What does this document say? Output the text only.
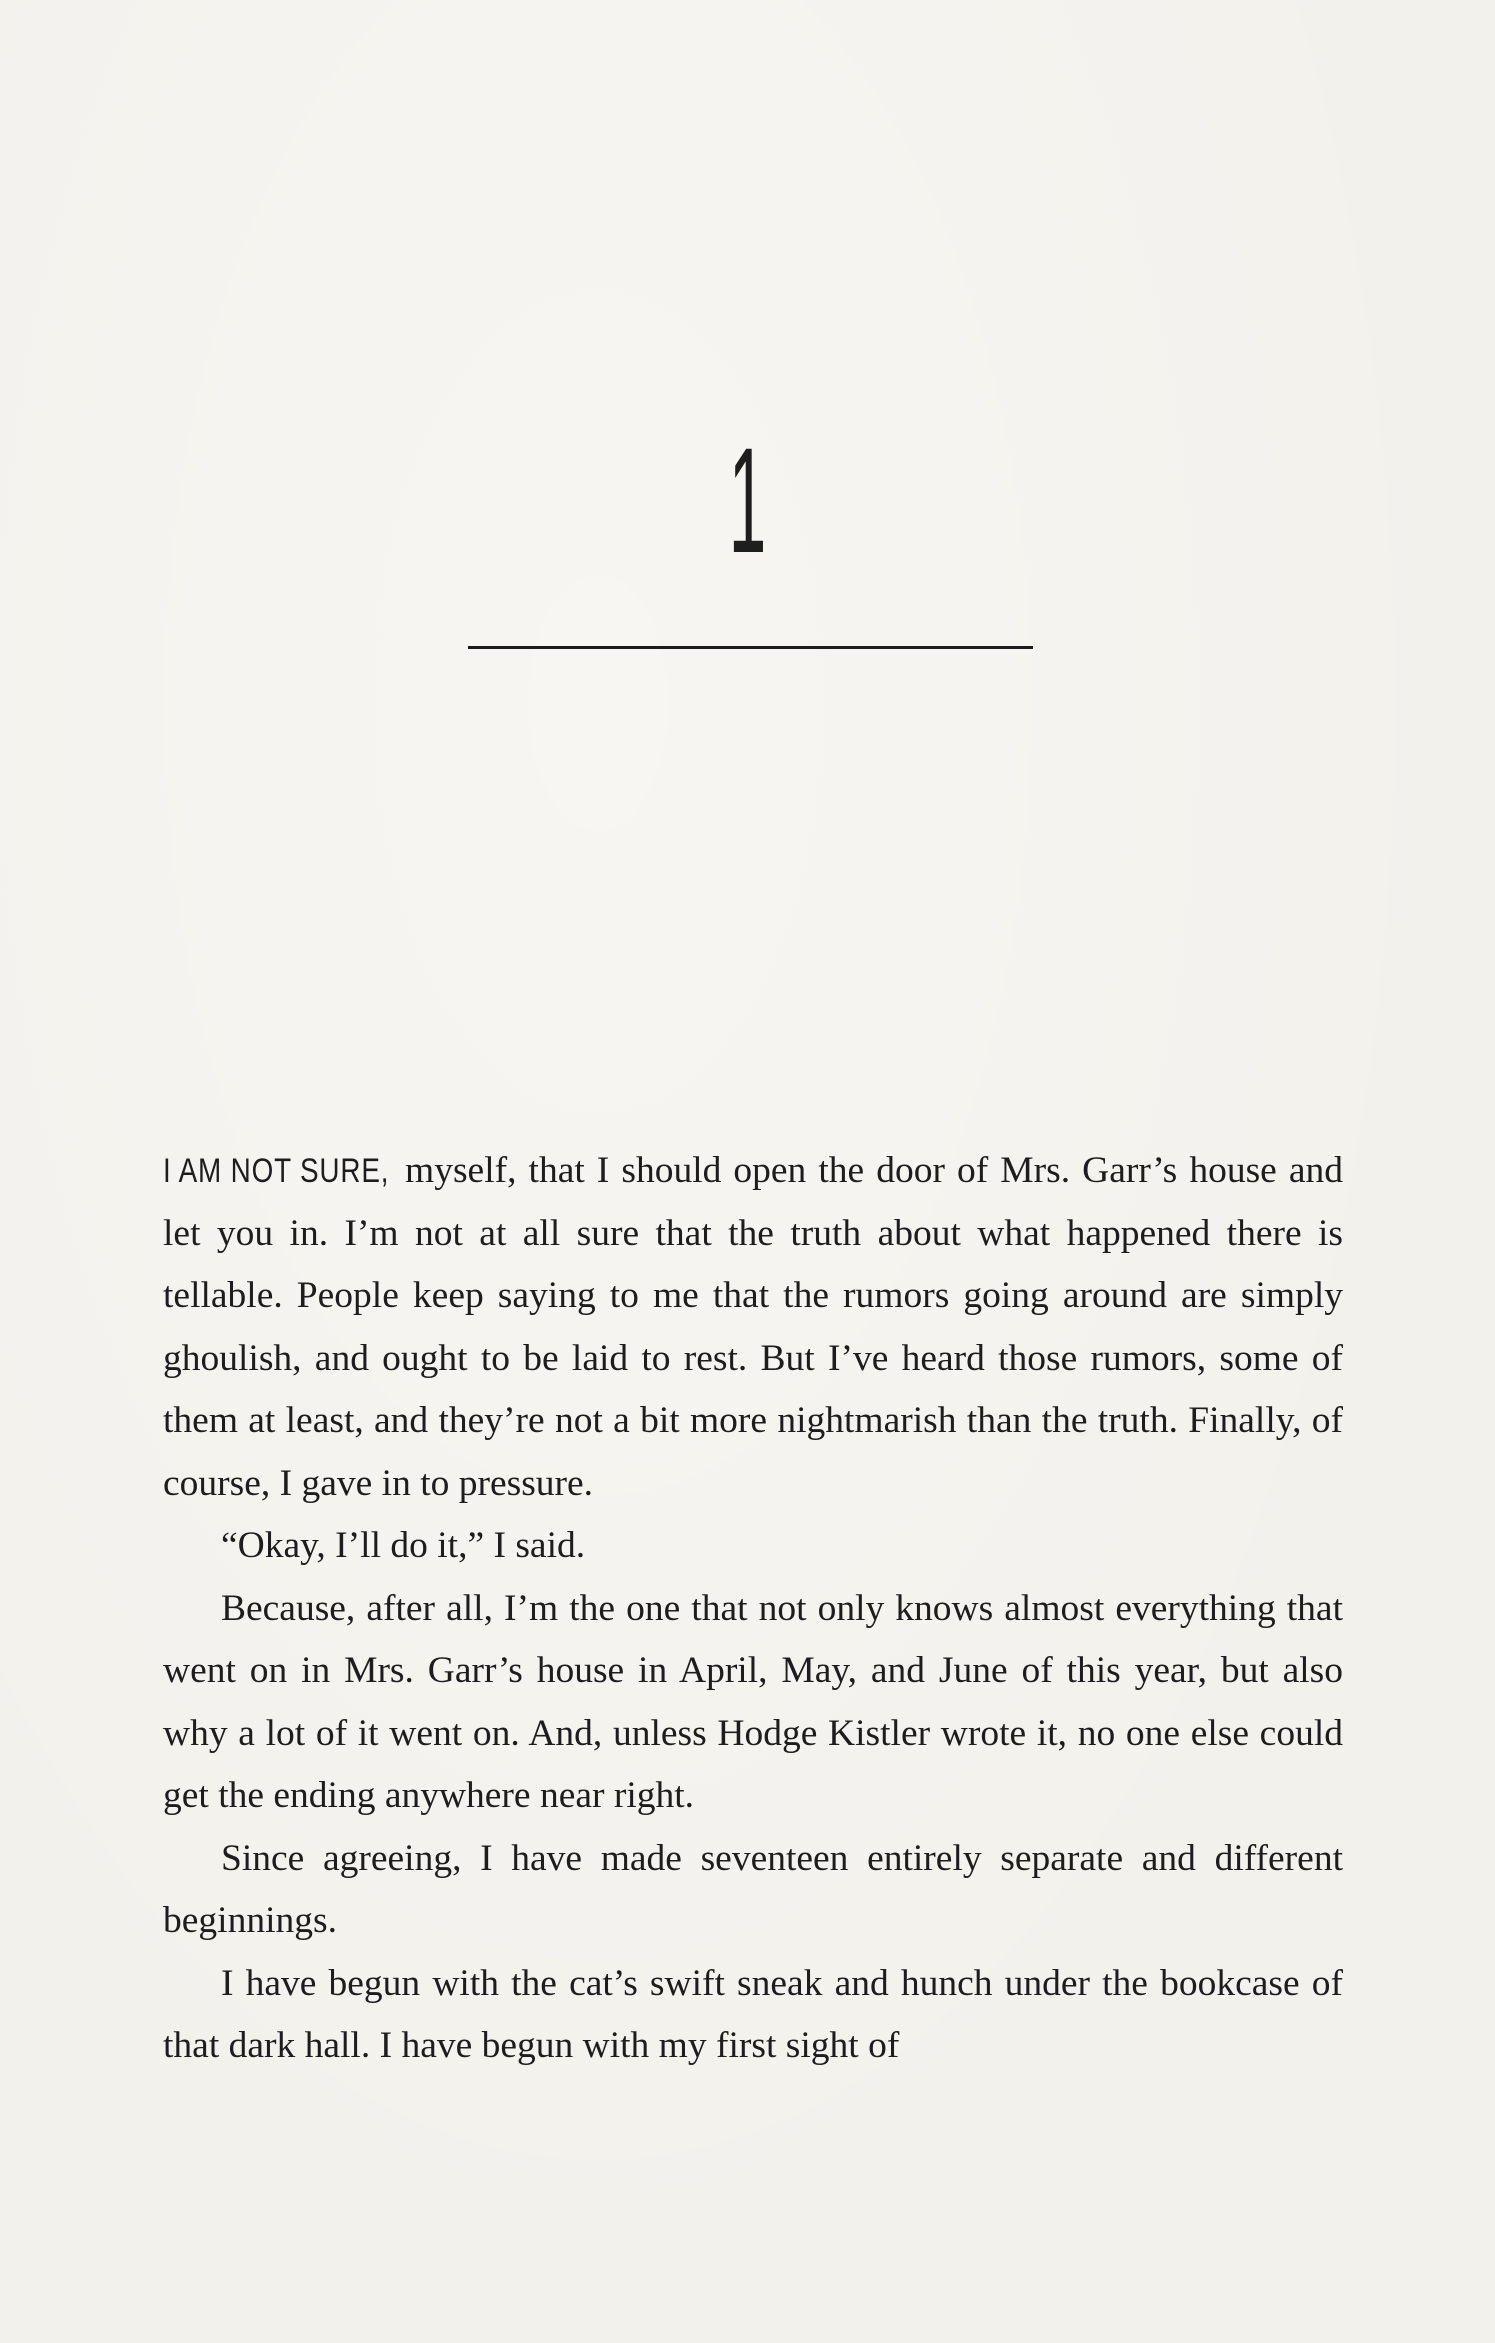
1

I AM NOT SURE, myself, that I should open the door of Mrs. Garr’s house and let you in. I’m not at all sure that the truth about what happened there is tellable. People keep saying to me that the rumors going around are simply ghoulish, and ought to be laid to rest. But I’ve heard those rumors, some of them at least, and they’re not a bit more nightmarish than the truth. Finally, of course, I gave in to pressure.

“Okay, I’ll do it,” I said.

Because, after all, I’m the one that not only knows almost everything that went on in Mrs. Garr’s house in April, May, and June of this year, but also why a lot of it went on. And, unless Hodge Kistler wrote it, no one else could get the ending anywhere near right.

Since agreeing, I have made seventeen entirely separate and different beginnings.

I have begun with the cat’s swift sneak and hunch under the bookcase of that dark hall. I have begun with my first sight of
